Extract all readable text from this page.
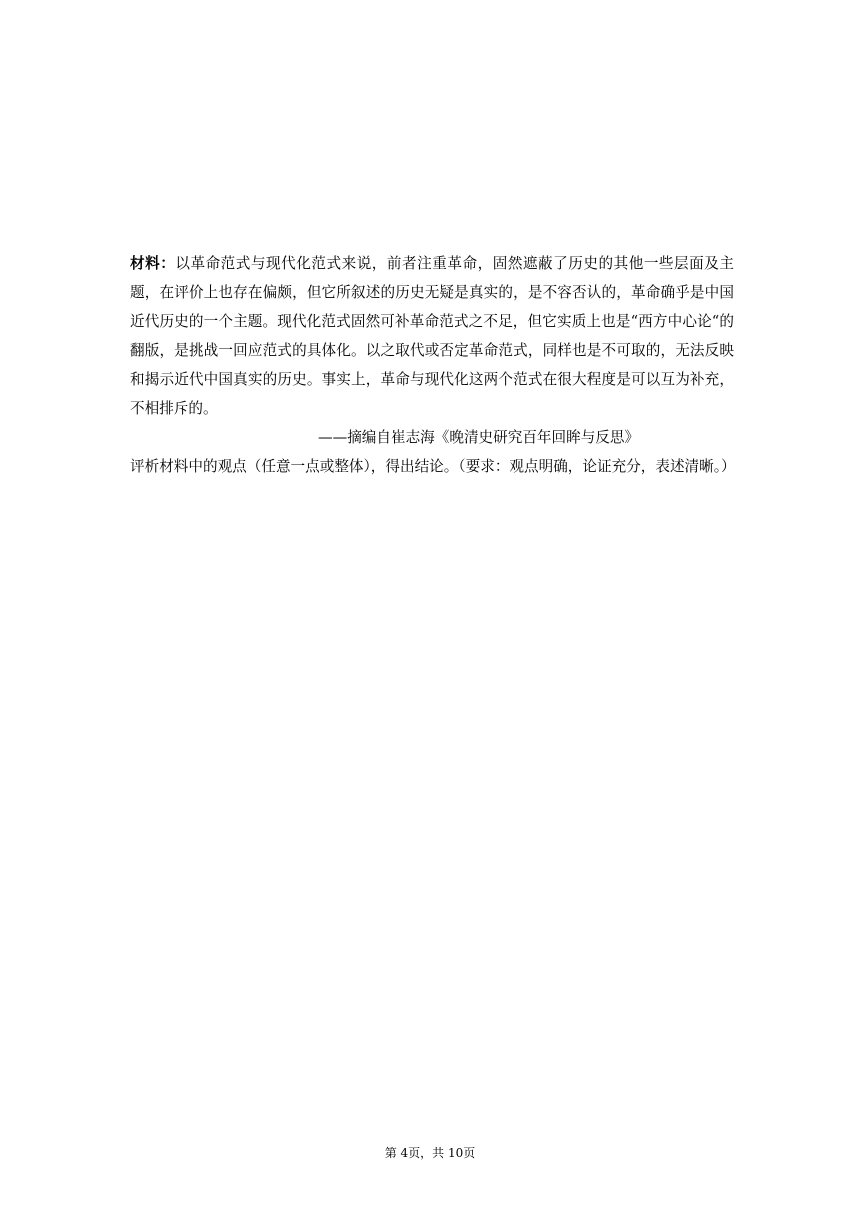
材料：以革命范式与现代化范式来说，前者注重革命，固然遮蔽了历史的其他一些层面及主题，在评价上也存在偏颇，但它所叙述的历史无疑是真实的，是不容否认的，革命确乎是中国近代历史的一个主题。现代化范式固然可补革命范式之不足，但它实质上也是“西方中心论“的翻版，是挑战一回应范式的具体化。以之取代或否定革命范式，同样也是不可取的，无法反映和揭示近代中国真实的历史。事实上，革命与现代化这两个范式在很大程度是可以互为补充，不相排斥的。

——摘编自崔志海《晚清史研究百年回眸与反思》

评析材料中的观点（任意一点或整体），得出结论。（要求：观点明确，论证充分，表述清晰。）

第 4页，共 10页
